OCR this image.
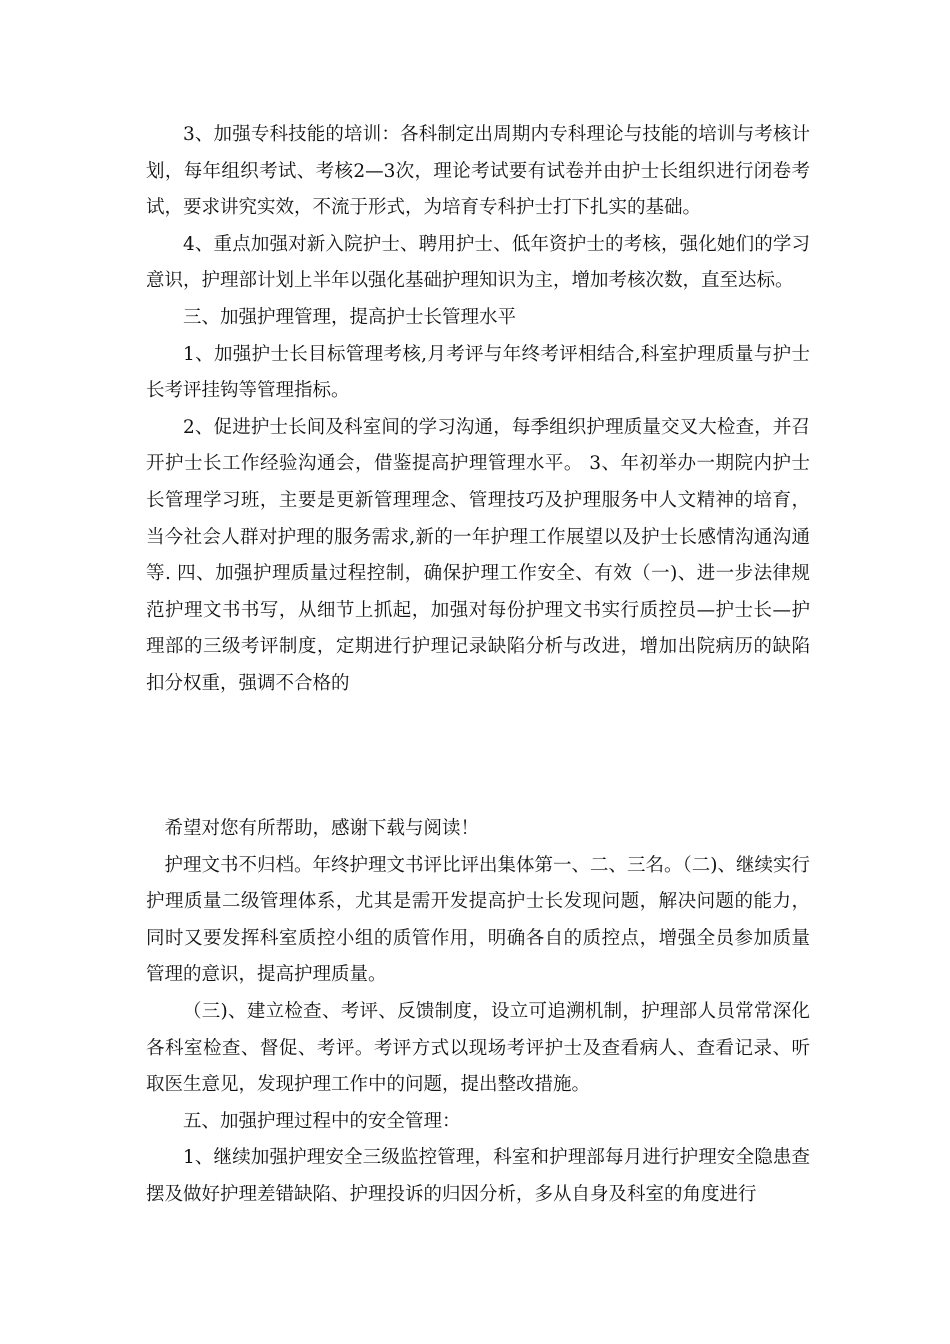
3、加强专科技能的培训：各科制定出周期内专科理论与技能的培训与考核计划，每年组织考试、考核2—3次，理论考试要有试卷并由护士长组织进行闭卷考试，要求讲究实效，不流于形式，为培育专科护士打下扎实的基础。

4、重点加强对新入院护士、聘用护士、低年资护士的考核，强化她们的学习意识，护理部计划上半年以强化基础护理知识为主，增加考核次数，直至达标。

三、加强护理管理，提高护士长管理水平

1、加强护士长目标管理考核,月考评与年终考评相结合,科室护理质量与护士长考评挂钩等管理指标。

2、促进护士长间及科室间的学习沟通，每季组织护理质量交叉大检查，并召开护士长工作经验沟通会，借鉴提高护理管理水平。 3、年初举办一期院内护士长管理学习班，主要是更新管理理念、管理技巧及护理服务中人文精神的培育，当今社会人群对护理的服务需求,新的一年护理工作展望以及护士长感情沟通沟通等. 四、加强护理质量过程控制，确保护理工作安全、有效（一)、进一步法律规范护理文书书写，从细节上抓起，加强对每份护理文书实行质控员—护士长—护理部的三级考评制度，定期进行护理记录缺陷分析与改进，增加出院病历的缺陷扣分权重，强调不合格的

希望对您有所帮助，感谢下载与阅读！

护理文书不归档。年终护理文书评比评出集体第一、二、三名。（二)、继续实行护理质量二级管理体系，尤其是需开发提高护士长发现问题，解决问题的能力，同时又要发挥科室质控小组的质管作用，明确各自的质控点，增强全员参加质量管理的意识，提高护理质量。

（三)、建立检查、考评、反馈制度，设立可追溯机制，护理部人员常常深化各科室检查、督促、考评。考评方式以现场考评护士及查看病人、查看记录、听取医生意见，发现护理工作中的问题，提出整改措施。

五、加强护理过程中的安全管理：

1、继续加强护理安全三级监控管理，科室和护理部每月进行护理安全隐患查摆及做好护理差错缺陷、护理投诉的归因分析，多从自身及科室的角度进行
